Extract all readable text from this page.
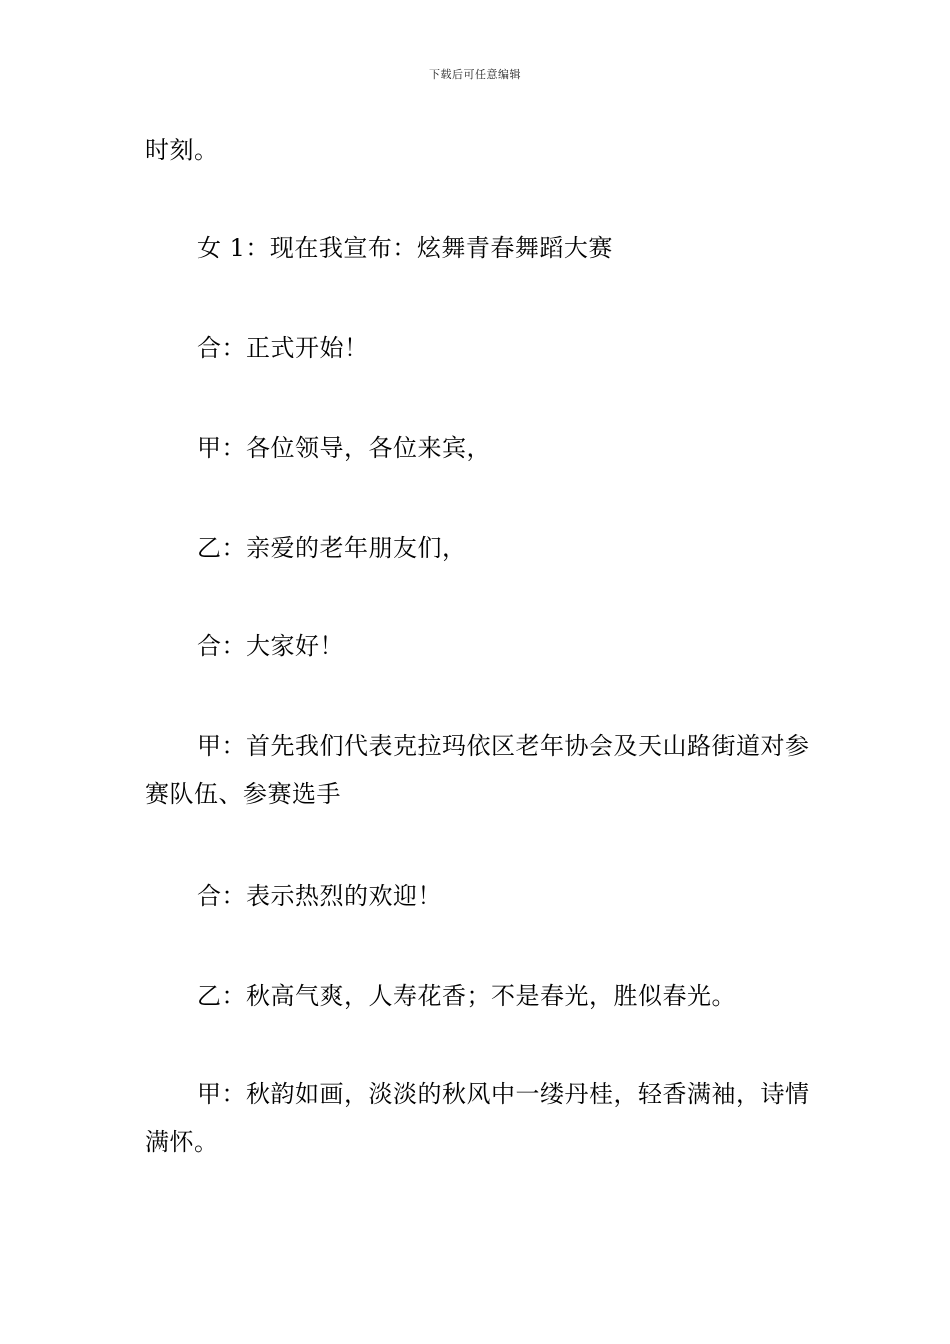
下载后可任意编辑
时刻。
女 1：现在我宣布：炫舞青春舞蹈大赛
合：正式开始！
甲：各位领导，各位来宾，
乙：亲爱的老年朋友们，
合：大家好！
甲：首先我们代表克拉玛依区老年协会及天山路街道对参赛队伍、参赛选手
合：表示热烈的欢迎！
乙：秋高气爽，人寿花香；不是春光，胜似春光。
甲：秋韵如画，淡淡的秋风中一缕丹桂，轻香满袖，诗情满怀。
